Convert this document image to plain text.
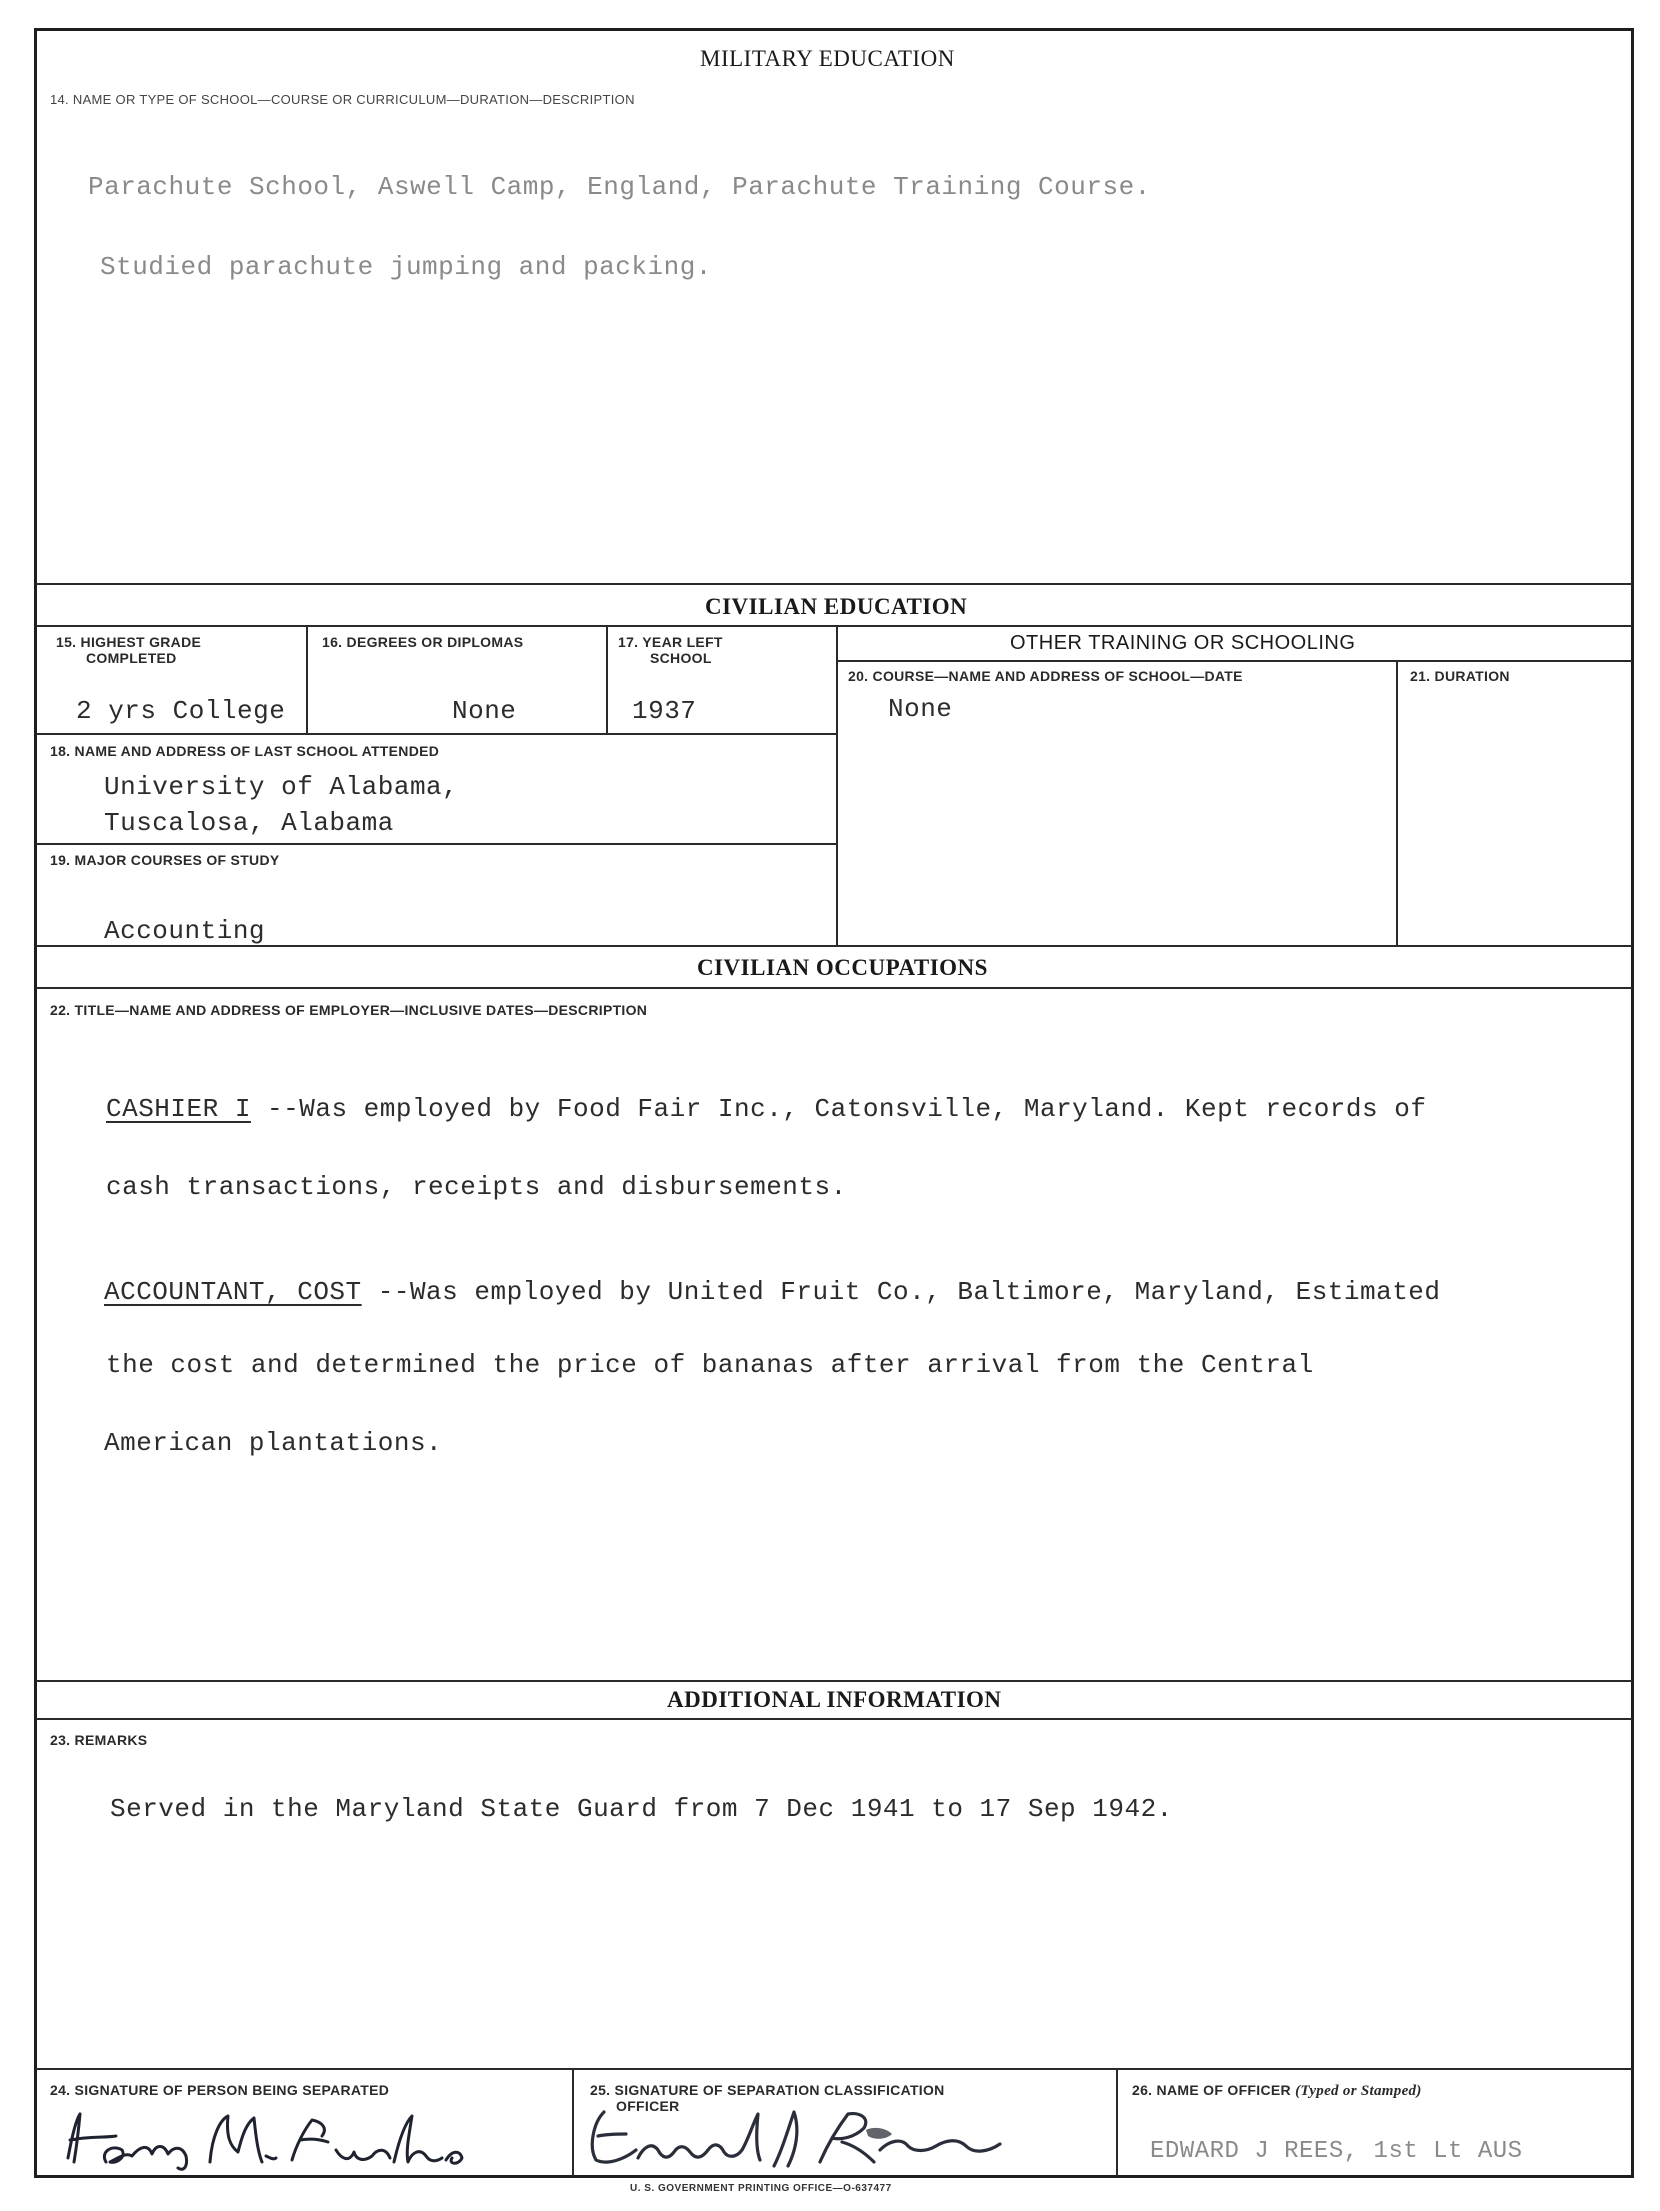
MILITARY EDUCATION
14. NAME OR TYPE OF SCHOOL—COURSE OR CURRICULUM—DURATION—DESCRIPTION
Parachute School, Aswell Camp, England, Parachute Training Course.
Studied parachute jumping and packing.
CIVILIAN EDUCATION
15. HIGHEST GRADE
COMPLETED
2 yrs College
16. DEGREES OR DIPLOMAS
None
17. YEAR LEFT
SCHOOL
1937
OTHER TRAINING OR SCHOOLING
20. COURSE—NAME AND ADDRESS OF SCHOOL—DATE
None
21. DURATION
18. NAME AND ADDRESS OF LAST SCHOOL ATTENDED
University of Alabama,
Tuscalosa, Alabama
19. MAJOR COURSES OF STUDY
Accounting
CIVILIAN OCCUPATIONS
22. TITLE—NAME AND ADDRESS OF EMPLOYER—INCLUSIVE DATES—DESCRIPTION
CASHIER I --Was employed by Food Fair Inc., Catonsville, Maryland. Kept records of
cash transactions, receipts and disbursements.
ACCOUNTANT, COST --Was employed by United Fruit Co., Baltimore, Maryland, Estimated
the cost and determined the price of bananas after arrival from the Central
American plantations.
ADDITIONAL INFORMATION
23. REMARKS
Served in the Maryland State Guard from 7 Dec 1941 to 17 Sep 1942.
24. SIGNATURE OF PERSON BEING SEPARATED	25. SIGNATURE OF SEPARATION CLASSIFICATION
OFFICER
26. NAME OF OFFICER (Typed or Stamped)
EDWARD J REES, 1st Lt AUS
U. S. GOVERNMENT PRINTING OFFICE—O-637477
